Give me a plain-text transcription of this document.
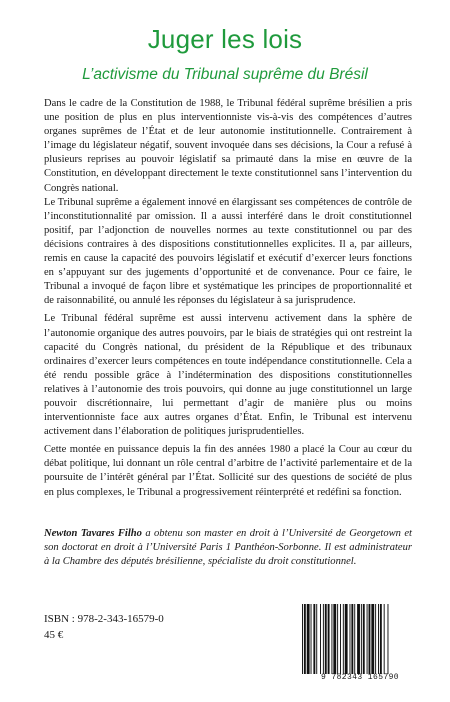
Juger les lois
L’activisme du Tribunal suprême du Brésil

Dans le cadre de la Constitution de 1988, le Tribunal fédéral suprême brésilien a pris une position de plus en plus interventionniste vis-à-vis des compétences d’autres organes suprêmes de l’État et de leur autonomie institutionnelle. Contrairement à l’image du législateur négatif, souvent invoquée dans ses décisions, la Cour a refusé à plusieurs reprises au pouvoir législatif sa primauté dans la mise en œuvre de la Constitution, en développant directement le texte constitutionnel sans l’intervention du Congrès national.

Le Tribunal suprême a également innové en élargissant ses compétences de contrôle de l’inconstitutionnalité par omission. Il a aussi interféré dans le droit constitutionnel positif, par l’adjonction de nouvelles normes au texte constitutionnel ou par des décisions contraires à des dispositions constitutionnelles explicites. Il a, par ailleurs, remis en cause la capacité des pouvoirs législatif et exécutif d’exercer leurs fonctions en s’appuyant sur des jugements d’opportunité et de convenance. Pour ce faire, le Tribunal a invoqué de façon libre et systématique les principes de proportionnalité et de raisonnabilité, ou annulé les réponses du législateur à sa jurisprudence.

Le Tribunal fédéral suprême est aussi intervenu activement dans la sphère de l’autonomie organique des autres pouvoirs, par le biais de stratégies qui ont restreint la capacité du Congrès national, du président de la République et des tribunaux ordinaires d’exercer leurs compétences en toute indépendance constitutionnelle. Cela a été rendu possible grâce à l’indétermination des dispositions constitutionnelles relatives à l’autonomie des trois pouvoirs, qui donne au juge constitutionnel un large pouvoir discrétionnaire, lui permettant d’agir de manière plus ou moins interventionniste face aux autres organes d’État. Enfin, le Tribunal est intervenu activement dans l’élaboration de politiques jurisprudentielles.

Cette montée en puissance depuis la fin des années 1980 a placé la Cour au cœur du débat politique, lui donnant un rôle central d’arbitre de l’activité parlementaire et de la poursuite de l’intérêt général par l’État. Sollicité sur des questions de société de plus en plus complexes, le Tribunal a progressivement réinterprété et redéfini sa fonction.

Newton Tavares Filho a obtenu son master en droit à l’Université de Georgetown et son doctorat en droit à l’Université Paris 1 Panthéon-Sorbonne. Il est administrateur à la Chambre des députés brésilienne, spécialiste du droit constitutionnel.
ISBN : 978-2-343-16579-0
45 €
9 782343 165790
